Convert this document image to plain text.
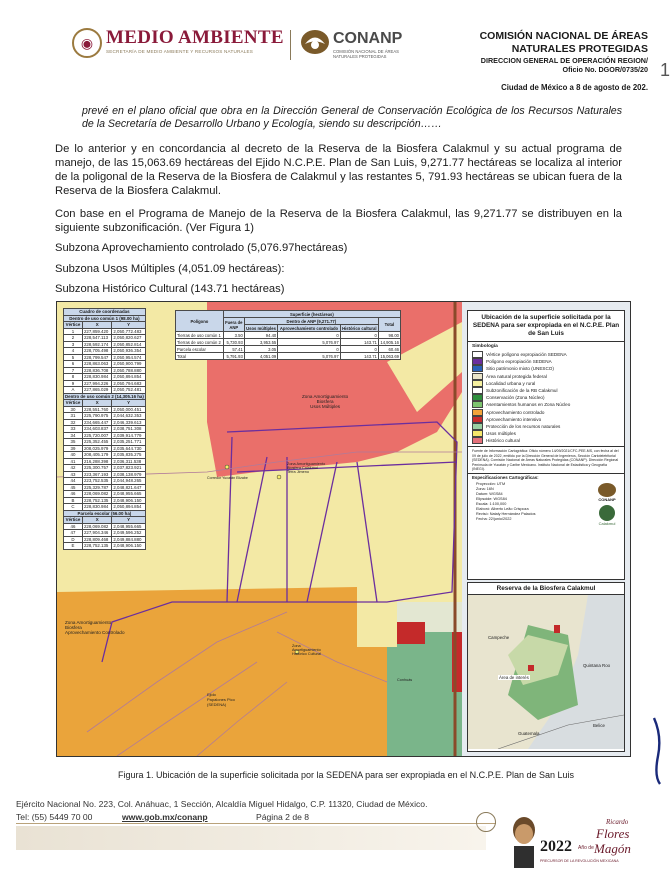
◉ MEDIO AMBIENTE
SECRETARÍA DE MEDIO AMBIENTE Y RECURSOS NATURALES
CONANP
COMISIÓN NACIONAL DE ÁREAS NATURALES PROTEGIDAS
COMISIÓN NACIONAL DE ÁREAS
NATURALES PROTEGIDAS
DIRECCION GENERAL DE OPERACIÓN REGION/
Oficio No. DGOR/0735/20
Ciudad de México a 8 de agosto de 202.
1
prevé en el plano oficial que obra en la Dirección General de Conservación Ecológica de los Recursos Naturales de la Secretaría de Desarrollo Urbano y Ecología, siendo su descripción……
De lo anterior y en concordancia al decreto de la Reserva de la Biosfera Calakmul y su actual programa de manejo, de las 15,063.69 hectáreas del Ejido N.C.P.E. Plan de San Luis, 9,271.77 hectáreas se localiza al interior de la poligonal de la Reserva de la Biosfera de Calakmul y las restantes 5, 791.93 hectáreas se ubican fuera de la Reserva de la Biosfera Calakmul.
Con base en el Programa de Manejo de la Reserva de la Biosfera Calakmul, las 9,271.77 se distribuyen en la siguiente subzonificación. (Ver Figura 1)
Subzona Aprovechamiento controlado (5,076.97hectáreas)
Subzona Usos Múltiples (4,051.09 hectáreas):
Subzona Histórico Cultural (143.71 hectáreas)
Cuadro de coordenadas		
Dentro de uso común 1 (98.00 ha)		
Vértice	X	Y
1	227,859.420	2,050,772.483
2	228,547.113	2,050,820.627
3	228,592.174	2,050,852.814
4	228,705.498	2,050,936.354
5	228,799.547	2,050,954.574
6	228,863.063	2,050,900.799
7	228,836.708	2,050,788.880
8	228,830.984	2,050,894.854
9	227,994.226	2,050,794.683
A	227,865.029	2,050,752.481
Dentro de uso común 2 (14,305.16 ha)		
Vértice	X	Y
30	228,551.760	2,050,000.451
31	225,790.975	2,044,632.353
32	234,665.447	2,046,339.613
33	234,603.837	2,038,751.308
34	225,720.007	2,039,914.779
35	225,352.455	2,035,251.771
39	208,025.979	2,035,644.730
40	208,405.179	2,035,835.275
41	216,288.398	2,036,311.538
42	225,300.757	2,037,823.921
43	223,367.193	2,038,138.979
44	223,752.535	2,044,948.265
45	225,329.787	2,048,821.647
46	228,069.082	2,048,955.665
B	228,752.135	2,048,906.150
C	228,830.984	2,050,894.854
Parcela escolar (56.00 ha)		
Vértice	X	Y
46	228,069.082	2,048,955.665
47	227,904.346	2,049,596.252
D	228,809.468	2,049,884.880
E	228,752.135	2,048,906.150
Polígono	Superficie (hectáreas)				
	Fuera de ANP	Dentro de ANP (9,271.77)			Total
		Usos múltiples	Aprovechamiento controlado	Histórico cultural	
Tierras de uso común 1	3.50	94.40	0	0	98.00
Tierras de uso común 2	5,730.93	3,953.55	5,076.97	143.71	14,905.16
Parcela escolar	57.41	3.05	0	0	60.46
Total	5,791.93	4,051.09	5,076.97	143.71	15,063.69
Zona Amortiguamiento
Biosfera
Usos Múltiples
Zona Amortiguamiento
Biosfera Calakmul
Terra Jimeno
Corredor Yucatán Elizabe
Zona Amortiguamiento
Biosfera
Aprovechamiento Controlado
Zona
Amortiguamiento
Histórico Cultural
Ejido
Papalones Pico
(SEDENA)
Conhuás
Ubicación de la superficie solicitada por la SEDENA para ser expropiada en el N.C.P.E. Plan de San Luis
Simbología
Vértice polígono expropiación SEDENA
Polígono expropiación SEDENA
Sitio patrimonio mixto (UNESCO)
Área natural protegida federal
Localidad urbana y rural
Subzonificación de la RB Calakmul
Conservación (Zona Núcleo)
Asentamientos humanos en Zona Núcleo
Aprovechamiento controlado
Aprovechamiento intensivo
Protección de los recursos naturales
Usos múltiples
Histórico cultural
Fuente de Información Cartográfica: Oficio número 14/09/2021/CFC-PEE-MS, con fecha al del 09 de julio de 2022, emitido por la Dirección General de Ingenieros, Sección Cartoteletritorial (SEDENA). Comisión Nacional de Áreas Naturales Protegidas (CONANP). Dirección Regional Península de Yucatán y Caribe Mexicano. Instituto Nacional de Estadística y Geografía (INEGI).
Especificaciones Cartográficas:
Proyección: UTM
Zona: 16N
Datum: WGS84
Elipsoide: WGS84
Escala: 1:100,000
Elaboró: Alberto Leão Crispoza
Revisó: Nataly Hernández Palacios
Fecha: 22/junio/2022
CONANP
Calakmul
Reserva de la Biosfera Calakmul
Campeche
Quintana Roo
Área de interés
Guatemala
Belice
Figura 1. Ubicación de la superficie solicitada por la SEDENA para ser expropiada en el N.C.P.E. Plan de San Luis
Ejército Nacional No. 223, Col. Anáhuac, 1 Sección, Alcaldía Miguel Hidalgo, C.P. 11320, Ciudad de México.
Tel: (55) 5449 70 00	www.gob.mx/conanp	Página 2 de 8
2022 Año de
Ricardo
Flores
Magón
PRECURSOR DE LA REVOLUCIÓN MEXICANA
